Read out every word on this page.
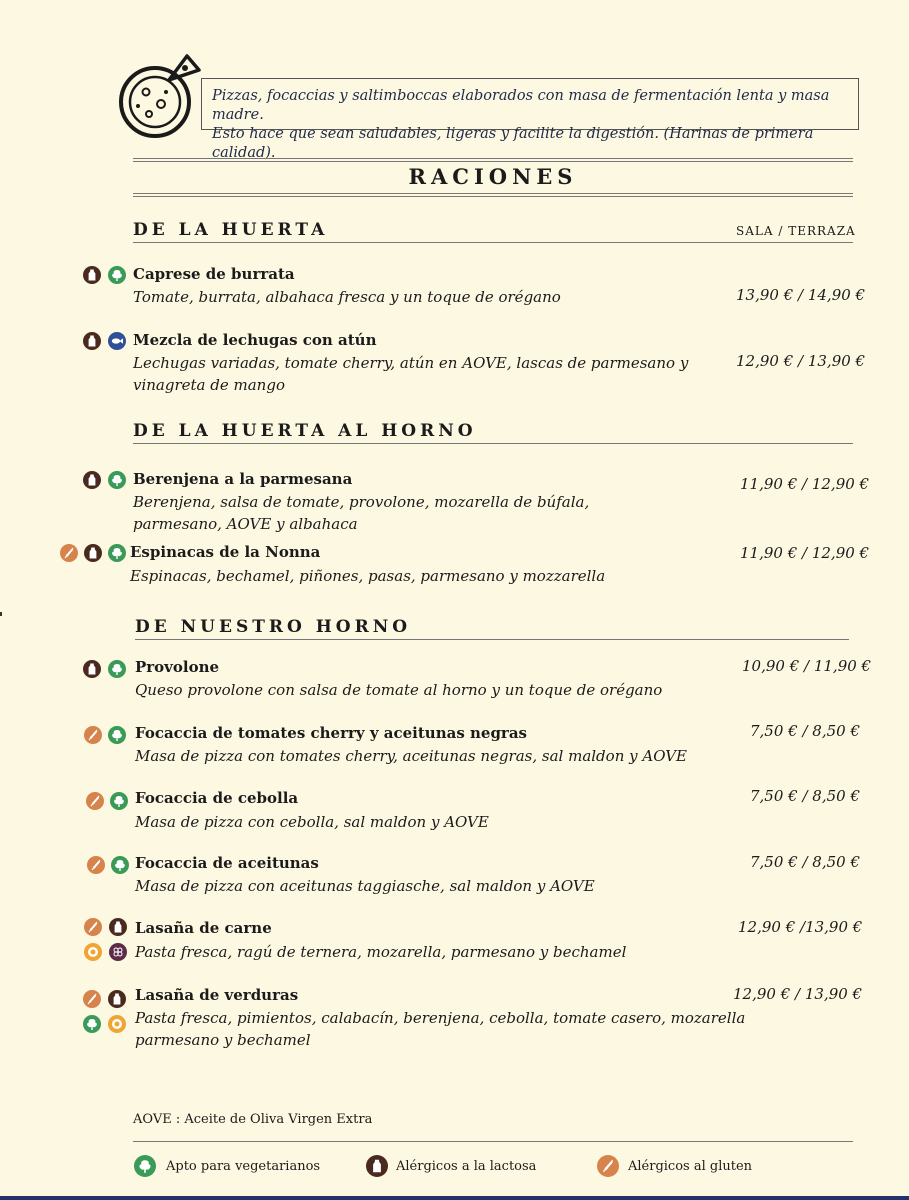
Pizzas, focaccias y saltimboccas elaborados con masa de fermentación lenta y masa madre.

Esto hace que sean saludables, ligeras y facilite la digestión. (Harinas de primera calidad).

RACIONES
DE LA HUERTA	SALA / TERRAZA
Caprese de burrata
Tomate, burrata, albahaca fresca y un toque de orégano	13,90 € / 14,90 €
Mezcla de lechugas con atún
Lechugas variadas, tomate cherry, atún en AOVE, lascas de parmesano y vinagreta de mango
12,90 € / 13,90 €
DE LA HUERTA AL HORNO
Berenjena a la parmesana
Berenjena, salsa de tomate, provolone, mozarella de búfala, parmesano, AOVE y albahaca
11,90 € / 12,90 €
Espinacas de la Nonna
Espinacas, bechamel, piñones, pasas, parmesano y mozzarella
11,90 € / 12,90 €
DE NUESTRO HORNO
Provolone
Queso provolone con salsa de tomate al horno y un toque de orégano
10,90 € / 11,90 €
Focaccia de tomates cherry y aceitunas negras
Masa de pizza con tomates cherry, aceitunas negras, sal maldon y AOVE
7,50 € / 8,50 €
Focaccia de cebolla
Masa de pizza con cebolla, sal maldon y AOVE
7,50 € / 8,50 €
Focaccia de aceitunas
Masa de pizza con aceitunas taggiasche, sal maldon y AOVE
7,50 € / 8,50 €
Lasaña de carne
Pasta fresca, ragú de ternera, mozarella, parmesano y bechamel
12,90 € /13,90 €
Lasaña de verduras
Pasta fresca, pimientos, calabacín, berenjena, cebolla, tomate casero, mozarella
parmesano y bechamel
12,90 € / 13,90 €
AOVE : Aceite de Oliva Virgen Extra
Apto para vegetarianos	Alérgicos a la lactosa	Alérgicos al gluten
